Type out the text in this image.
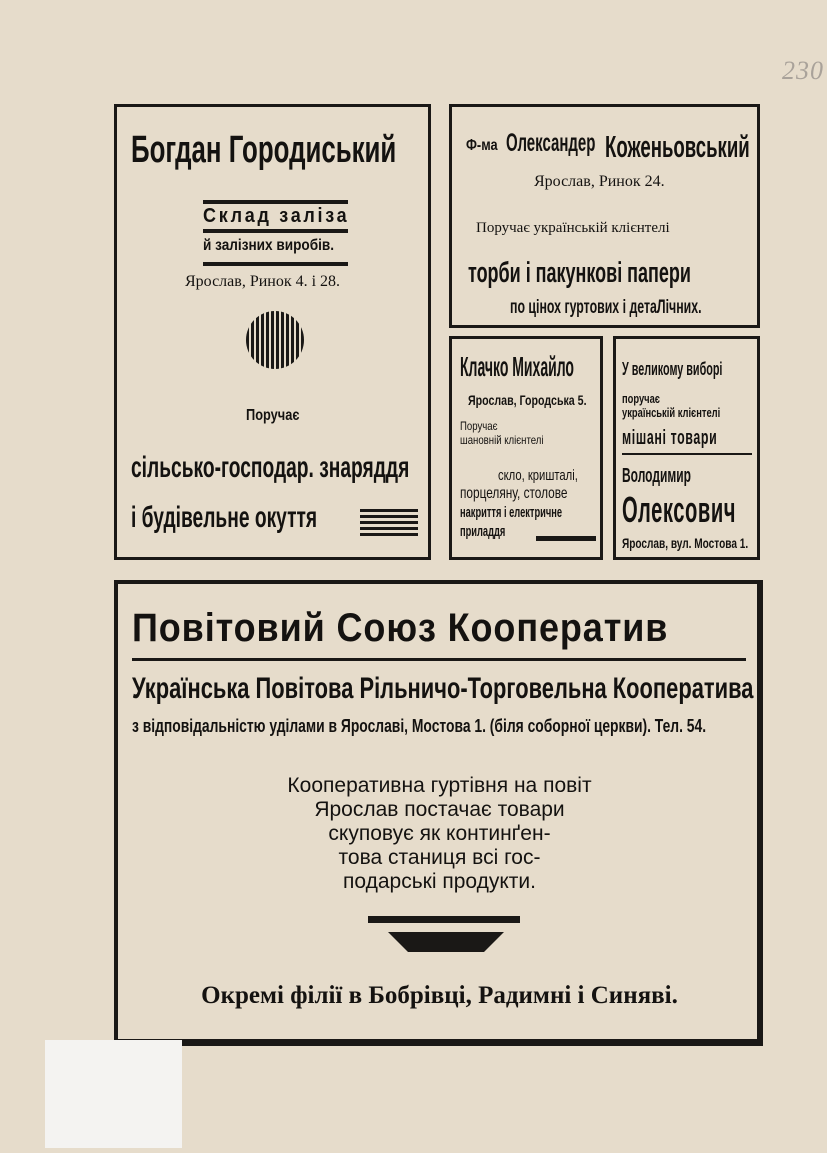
230
Богдан Городиський
Склад заліза
й залізних виробів.
Ярослав, Ринок 4. і 28.
Поручає
сільсько-господар. знаряддя
і будівельне окуття
Ф-ма Олександер Коженьовський
Ярослав, Ринок 24.
Поручає українській клієнтелі
торби і пакункові папери
по цінох гуртових і детаЛічних.
Клачко Михайло
Ярослав, Городська 5.
Поручає
шановній клієнтелі
скло, кришталі,
порцеляну, столове
накриття і електричне
приладдя
У великому виборі
поручає
українській клієнтелі
мішані товари
Володимир
Олексович
Ярослав, вул. Мостова 1.
Повітовий Союз Кооператив
Українська Повітова Рільничо-Торговельна Кооператива
з відповідальністю уділами в Ярославі, Мостова 1. (біля соборної церкви). Тел. 54.
Кооперативна гуртівня на повіт
Ярослав постачає товари
скуповує як континґен-
това станиця всі гос-
подарські продукти.
Окремі філії в Бобрівці, Радимні і Синяві.
